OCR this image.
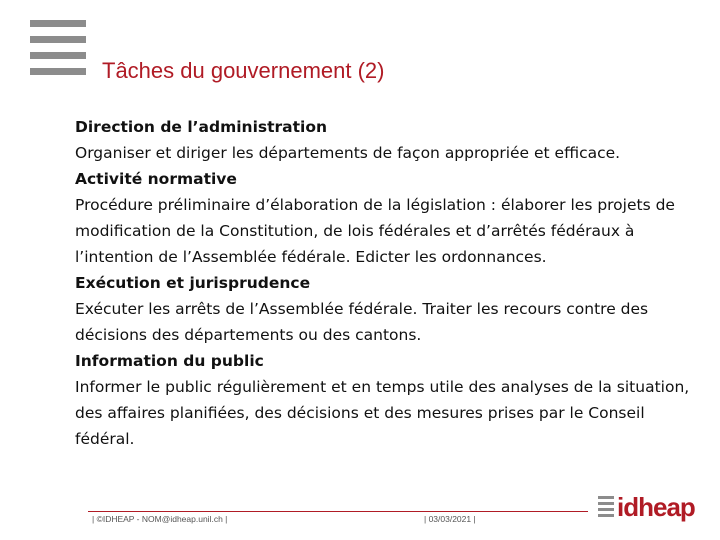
Tâches du gouvernement (2)

Direction de l’administration

Organiser et diriger les départements de façon appropriée et efficace.

Activité normative

Procédure préliminaire d’élaboration de la législation : élaborer les projets de modification de la Constitution, de lois fédérales et d’arrêtés fédéraux à l’intention de l’Assemblée fédérale. Edicter les ordonnances.

Exécution et jurisprudence

Exécuter les arrêts de l’Assemblée fédérale. Traiter les recours contre des décisions des départements ou des cantons.

Information du public

Informer le public régulièrement et en temps utile des analyses de la situation, des affaires planifiées, des décisions et des mesures prises par le Conseil fédéral.

| ©IDHEAP - NOM@idheap.unil.ch |	| 03/03/2021 |	idheap
